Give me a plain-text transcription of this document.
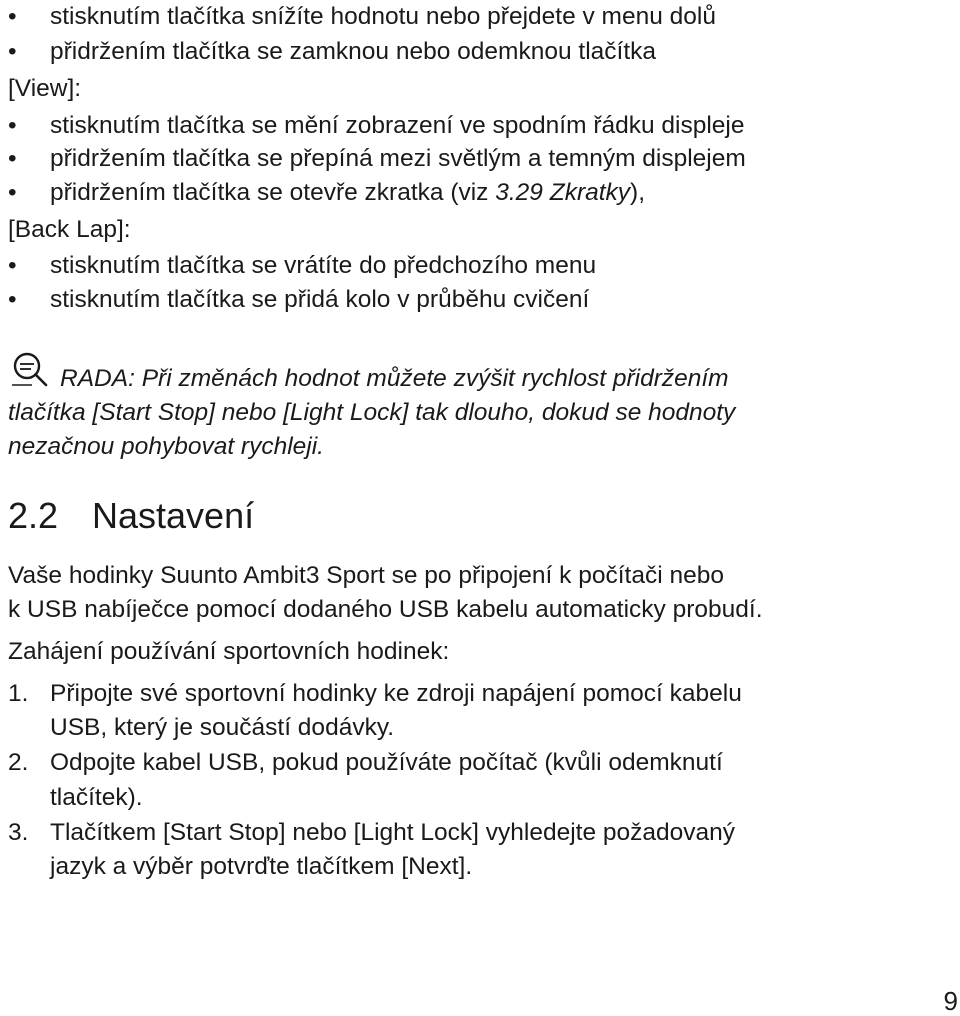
• stisknutím tlačítka snížíte hodnotu nebo přejdete v menu dolů

• přidržením tlačítka se zamknou nebo odemknou tlačítka

[View]:

• stisknutím tlačítka se mění zobrazení ve spodním řádku displeje

• přidržením tlačítka se přepíná mezi světlým a temným displejem

• přidržením tlačítka se otevře zkratka (viz 3.29 Zkratky),

[Back Lap]:

• stisknutím tlačítka se vrátíte do předchozího menu

• stisknutím tlačítka se přidá kolo v průběhu cvičení

RADA: Při změnách hodnot můžete zvýšit rychlost přidržením

tlačítka [Start Stop] nebo [Light Lock] tak dlouho, dokud se hodnoty

nezačnou pohybovat rychleji.

2.2 Nastavení

Vaše hodinky Suunto Ambit3 Sport se po připojení k počítači nebo

k USB nabíječce pomocí dodaného USB kabelu automaticky probudí.

Zahájení používání sportovních hodinek:

1. Připojte své sportovní hodinky ke zdroji napájení pomocí kabelu

USB, který je součástí dodávky.

2. Odpojte kabel USB, pokud používáte počítač (kvůli odemknutí

tlačítek).

3. Tlačítkem [Start Stop] nebo [Light Lock] vyhledejte požadovaný

jazyk a výběr potvrďte tlačítkem [Next].

9
